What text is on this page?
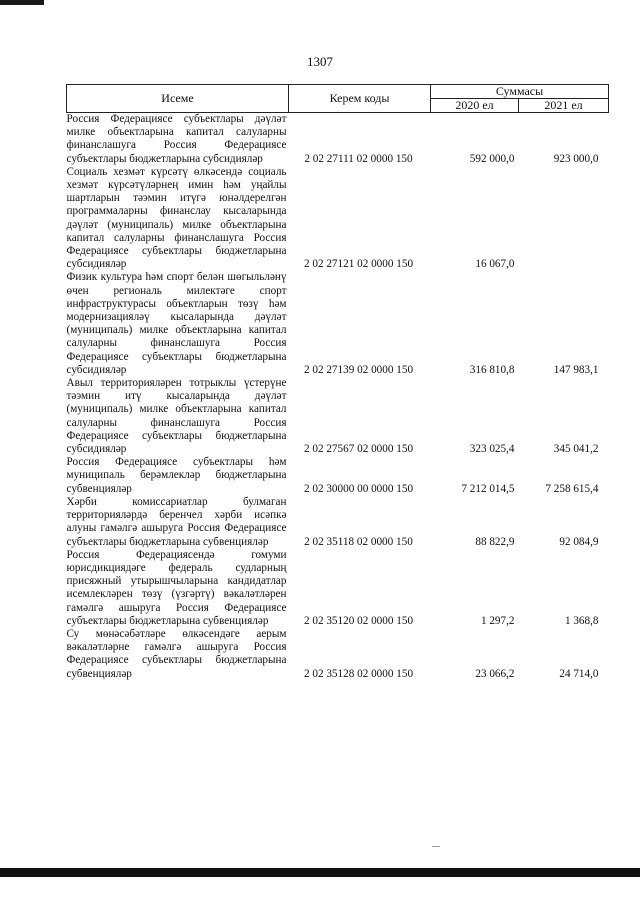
1307
Исеме	Керем коды	Суммасы	
		2020 ел	2021 ел
Россия Федерациясе субъектлары дәүләт милке объектларына капитал салуларны финанслашуга Россия Федерациясе субъектлары бюджетларына субсидияләр	2 02 27111 02 0000 150	592 000,0	923 000,0
Социаль хезмәт күрсәтү өлкәсендә социаль хезмәт күрсәтүләрнең имин һәм уңайлы шартларын тәэмин итүгә юнәлдерелгән программаларны финанслау кысаларында дәүләт (муниципаль) милке объектларына капитал салуларны финанслашуга Россия Федерациясе субъектлары бюджетларына субсидияләр	2 02 27121 02 0000 150	16 067,0	
Физик культура һәм спорт белән шөгыльләнү өчен региональ милектәге спорт инфраструктурасы объектларын төзү һәм модернизацияләү кысаларында дәүләт (муниципаль) милке объектларына капитал салуларны финанслашуга Россия Федерациясе субъектлары бюджетларына субсидияләр	2 02 27139 02 0000 150	316 810,8	147 983,1
Авыл территорияләрен тотрыклы үстерүне тәэмин итү кысаларында дәүләт (муниципаль) милке объектларына капитал салуларны финанслашуга Россия Федерациясе субъектлары бюджетларына субсидияләр	2 02 27567 02 0000 150	323 025,4	345 041,2
Россия Федерациясе субъектлары һәм муниципаль берәмлекләр бюджетларына субвенцияләр	2 02 30000 00 0000 150	7 212 014,5	7 258 615,4
Хәрби комиссариатлар булмаган территорияләрдә беренчел хәрби исәпкә алуны гамәлгә ашыруга Россия Федерациясе субъектлары бюджетларына субвенцияләр	2 02 35118 02 0000 150	88 822,9	92 084,9
Россия Федерациясендә гомуми юрисдикциядәге федераль судларның присяжный утырышчыларына кандидатлар исемлекләрен төзү (үзгәртү) вәкаләтләрен гамәлгә ашыруга Россия Федерациясе субъектлары бюджетларына субвенцияләр	2 02 35120 02 0000 150	1 297,2	1 368,8
Су мөнәсәбәтләре өлкәсендәге аерым вәкаләтләрне гамәлгә ашыруга Россия Федерациясе субъектлары бюджетларына субвенцияләр	2 02 35128 02 0000 150	23 066,2	24 714,0
